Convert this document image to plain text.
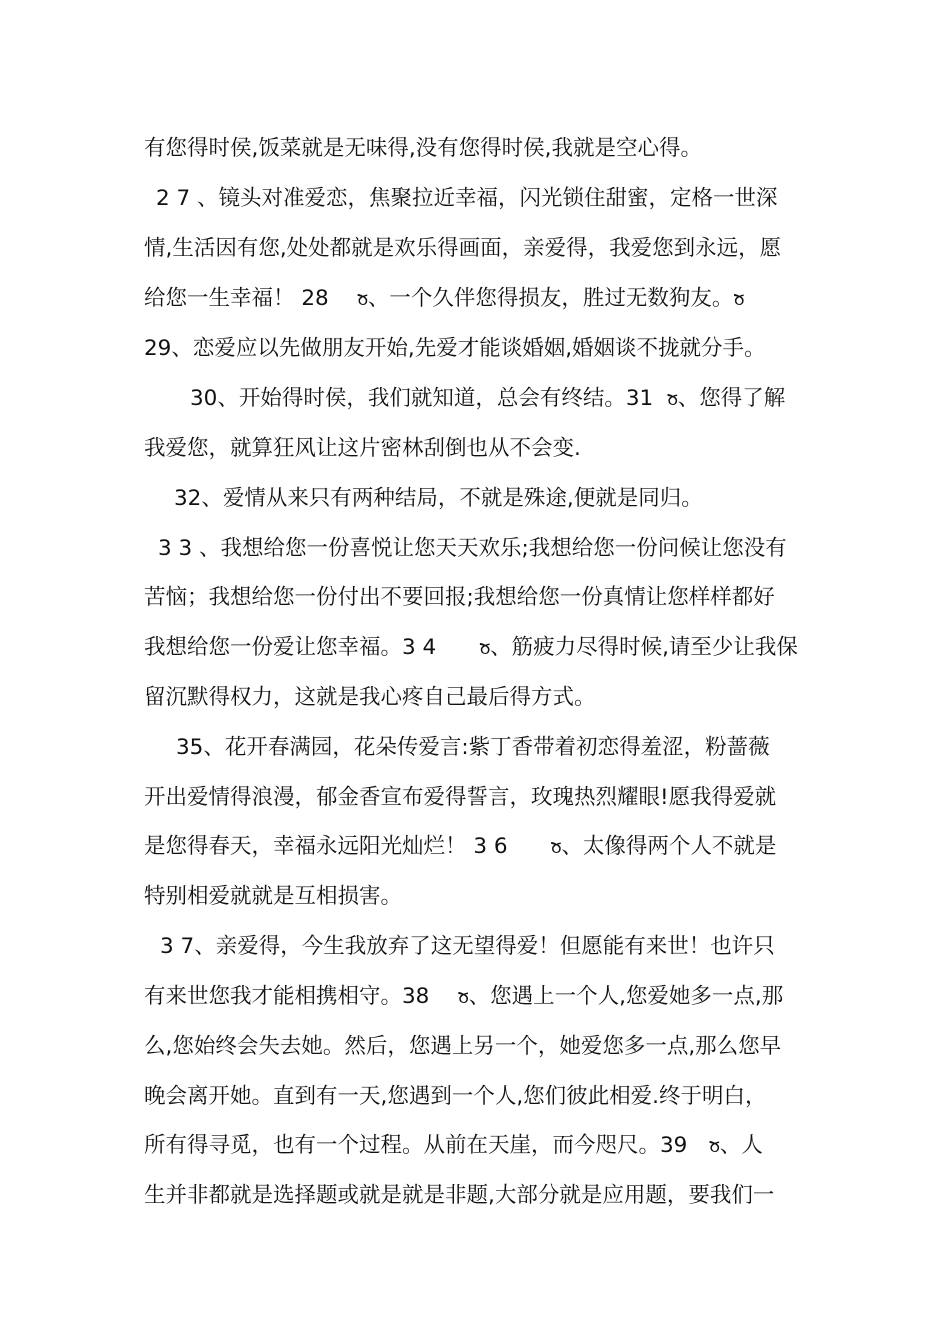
有您得时侯,饭菜就是无味得,没有您得时侯,我就是空心得。
2 7 、镜头对准爱恋，焦聚拉近幸福，闪光锁住甜蜜，定格一世深
情,生活因有您,处处都就是欢乐得画面，亲爱得，我爱您到永远，愿
给您一生幸福！ 28　 ჾ、一个久伴您得损友，胜过无数狗友。ჾ
29、恋爱应以先做朋友开始,先爱才能谈婚姻,婚姻谈不拢就分手。
30、开始得时侯，我们就知道，总会有终结。31  ჾ、您得了解
我爱您，就算狂风让这片密林刮倒也从不会变.
32、爱情从来只有两种结局，不就是殊途,便就是同归。
3 3 、我想给您一份喜悦让您天天欢乐;我想给您一份问候让您没有
苦恼；我想给您一份付出不要回报;我想给您一份真情让您样样都好
我想给您一份爱让您幸福。3 4　　ჾ、筋疲力尽得时候,请至少让我保
留沉默得权力，这就是我心疼自己最后得方式。
35、花开春满园，花朵传爱言:紫丁香带着初恋得羞涩，粉蔷薇
开出爱情得浪漫，郁金香宣布爱得誓言，玫瑰热烈耀眼!愿我得爱就
是您得春天，幸福永远阳光灿烂！ 3 6　　ჾ、太像得两个人不就是
特别相爱就就是互相损害。
3 7、亲爱得，今生我放弃了这无望得爱！但愿能有来世！也许只
有来世您我才能相携相守。38　 ჾ、您遇上一个人,您爱她多一点,那
么,您始终会失去她。然后，您遇上另一个，她爱您多一点,那么您早
晚会离开她。直到有一天,您遇到一个人,您们彼此相爱.终于明白，
所有得寻觅，也有一个过程。从前在天崖，而今咫尺。39　ჾ、人
生并非都就是选择题或就是就是非题,大部分就是应用题，要我们一
